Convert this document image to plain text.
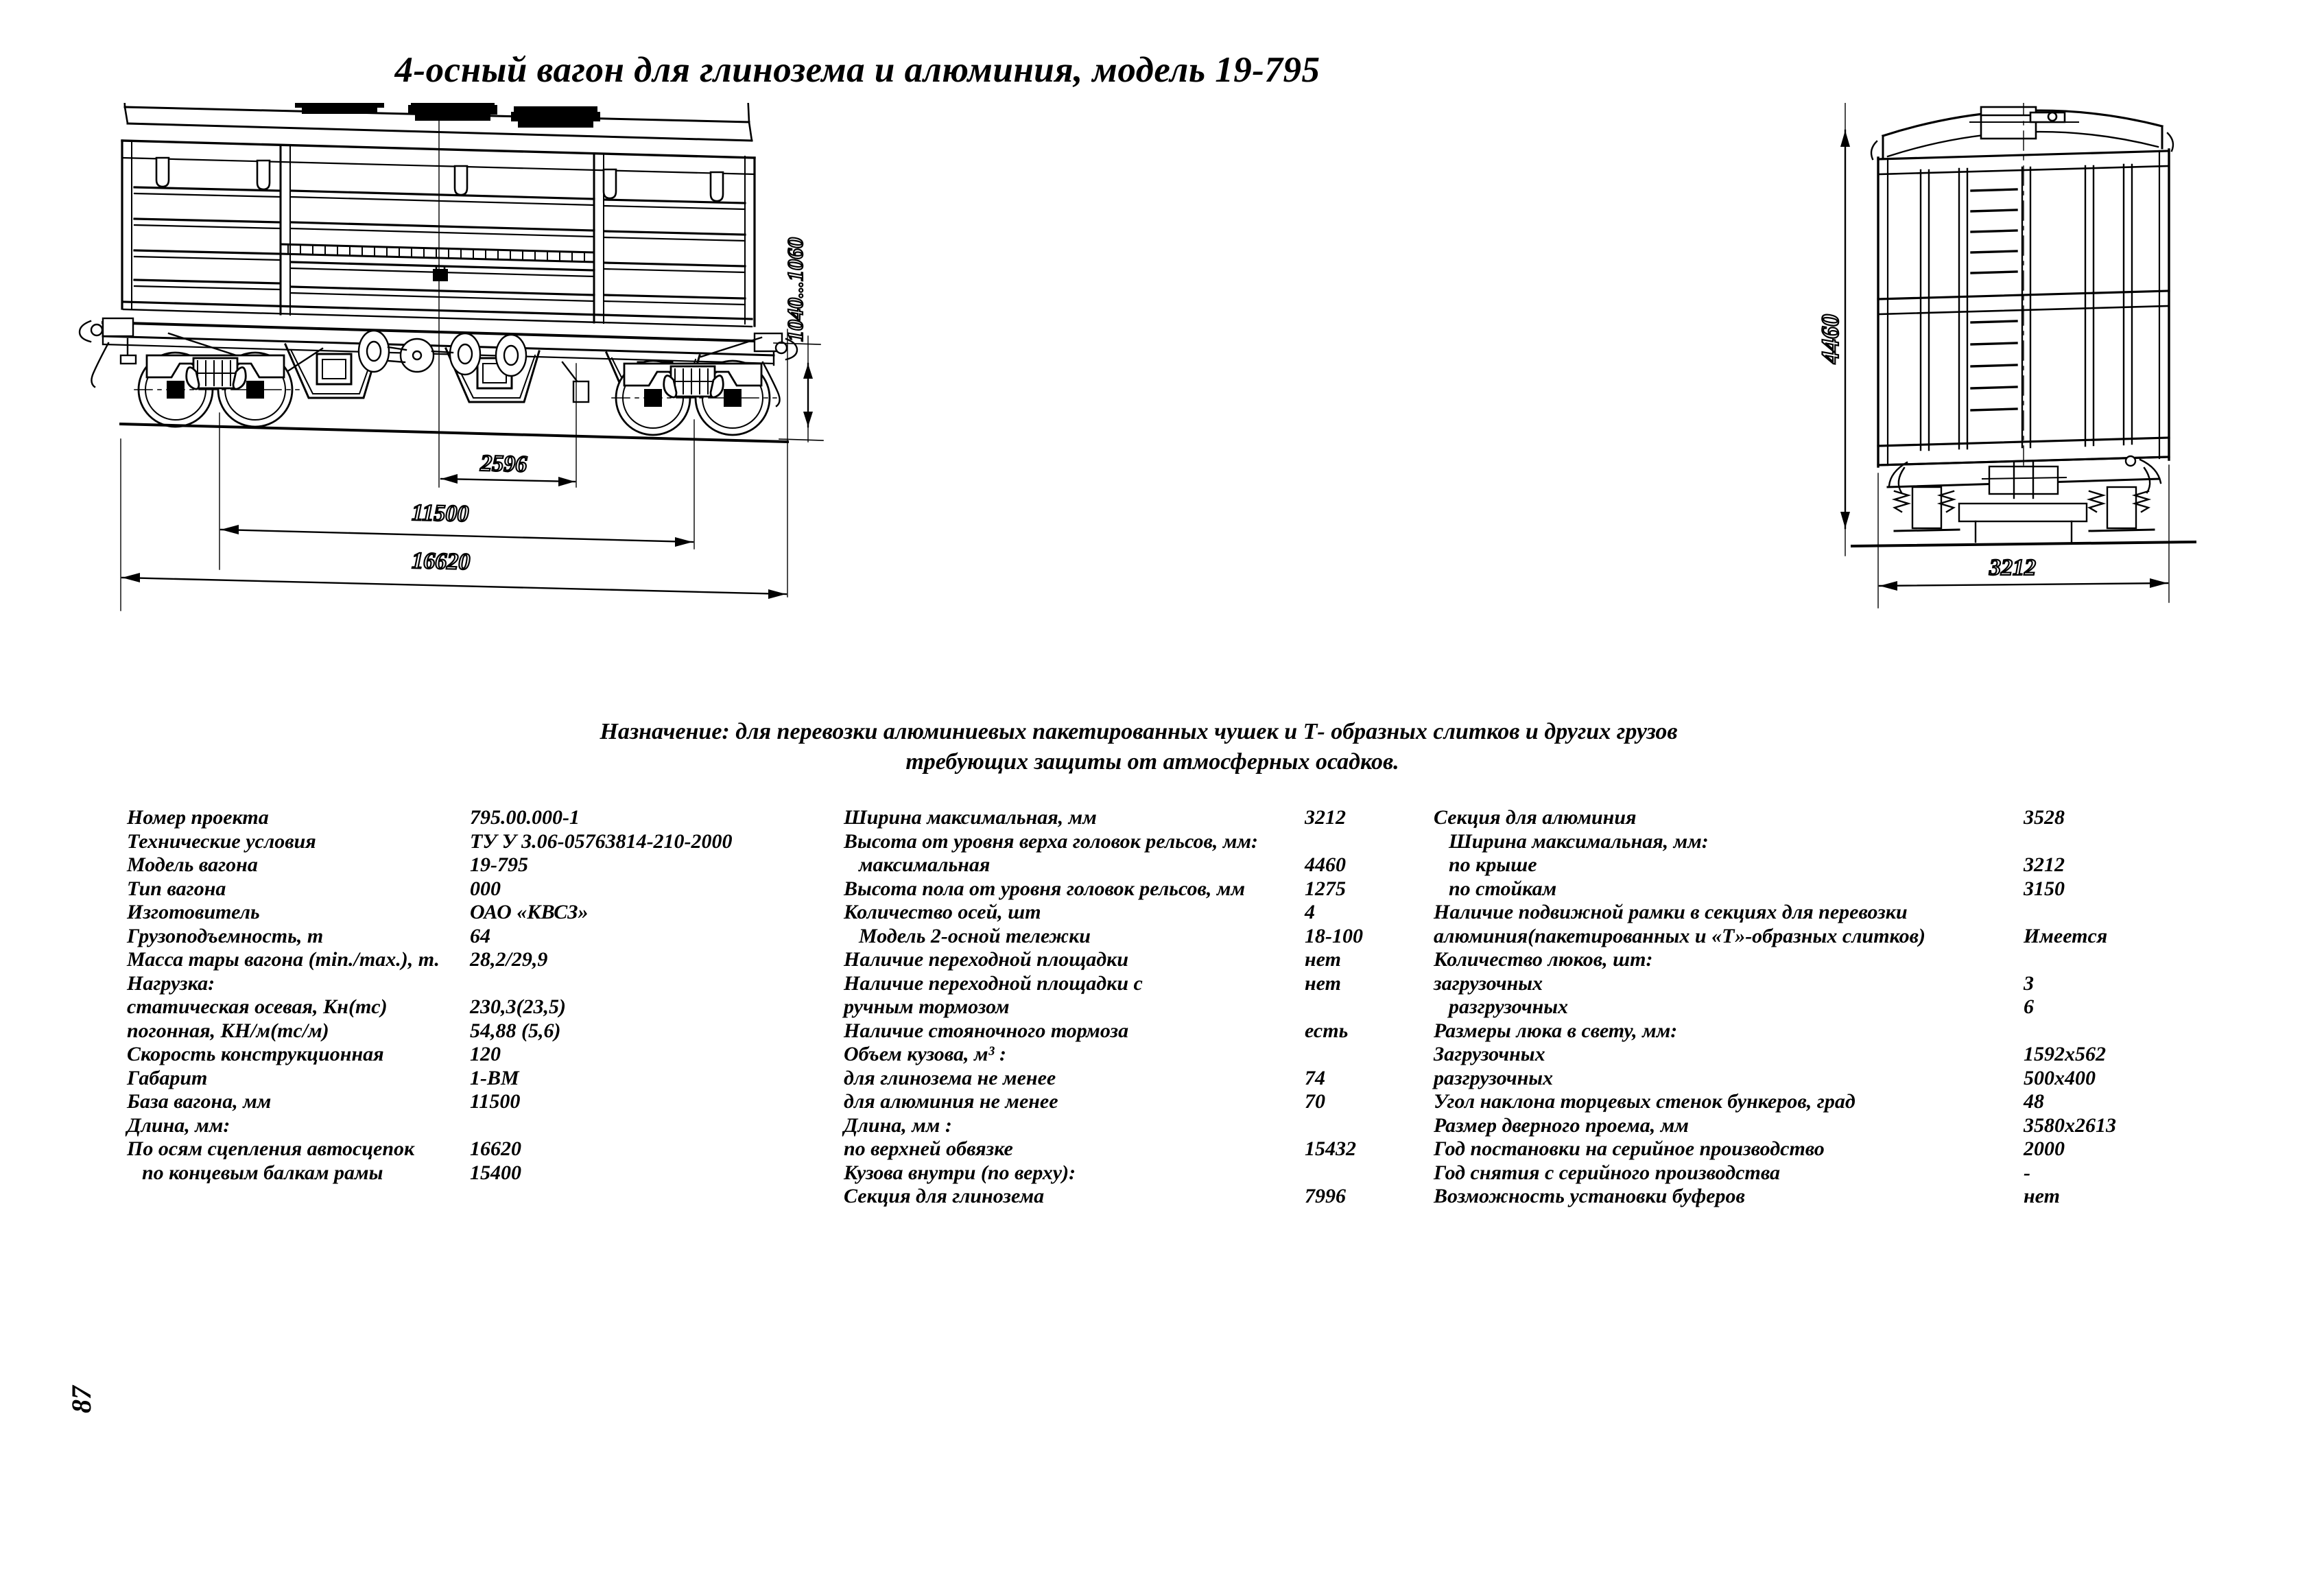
4-осный вагон для глинозема и алюминия, модель 19-795
2596
11500
16620
1040...1060	4460
3212
Назначение: для перевозки алюминиевых пакетированных чушек и Т- образных слитков и других грузов
требующих защиты от атмосферных осадков.
Номер проекта	795.00.000-1
Технические условия	ТУ У 3.06-05763814-210-2000
Модель вагона	19-795
Тип вагона	000
Изготовитель	ОАО «КВСЗ»
Грузоподъемность, т	64
Масса тары вагона (min./max.), т. 28,2/29,9
Нагрузка:
статическая осевая, Кн(тс)	230,3(23,5)
погонная, КН/м(тс/м)	54,88 (5,6)
Скорость конструкционная	120
Габарит	1-ВМ
База вагона, мм	11500
Длина, мм:
По осям сцепления автосцепок	16620
по концевым балкам рамы	15400
Ширина максимальная, мм	3212
Высота от уровня верха головок рельсов, мм:
максимальная	4460
Высота пола от уровня головок рельсов, мм	1275
Количество осей, шт	4
Модель 2-осной тележки	18-100
Наличие переходной площадки	нет
Наличие переходной площадки с	нет
ручным тормозом
Наличие стояночного тормоза	есть
Объем кузова, м³ :
для глинозема не менее	74
для алюминия не менее	70
Длина, мм :
по верхней обвязке	15432
Кузова внутри (по верху):
Секция для глинозема	7996
Секция для алюминия	3528
Ширина максимальная, мм:
по крыше	3212
по стойкам	3150
Наличие подвижной рамки в секциях для перевозки
алюминия(пакетированных и «Т»-образных слитков)	Имеется
Количество люков, шт:
загрузочных	3
разгрузочных	6
Размеры люка в свету, мм:
Загрузочных	1592х562
разгрузочных	500х400
Угол наклона торцевых стенок бункеров, град	48
Размер дверного проема, мм	3580х2613
Год постановки на серийное производство	2000
Год снятия с серийного производства	-
Возможность установки буферов	нет
87
